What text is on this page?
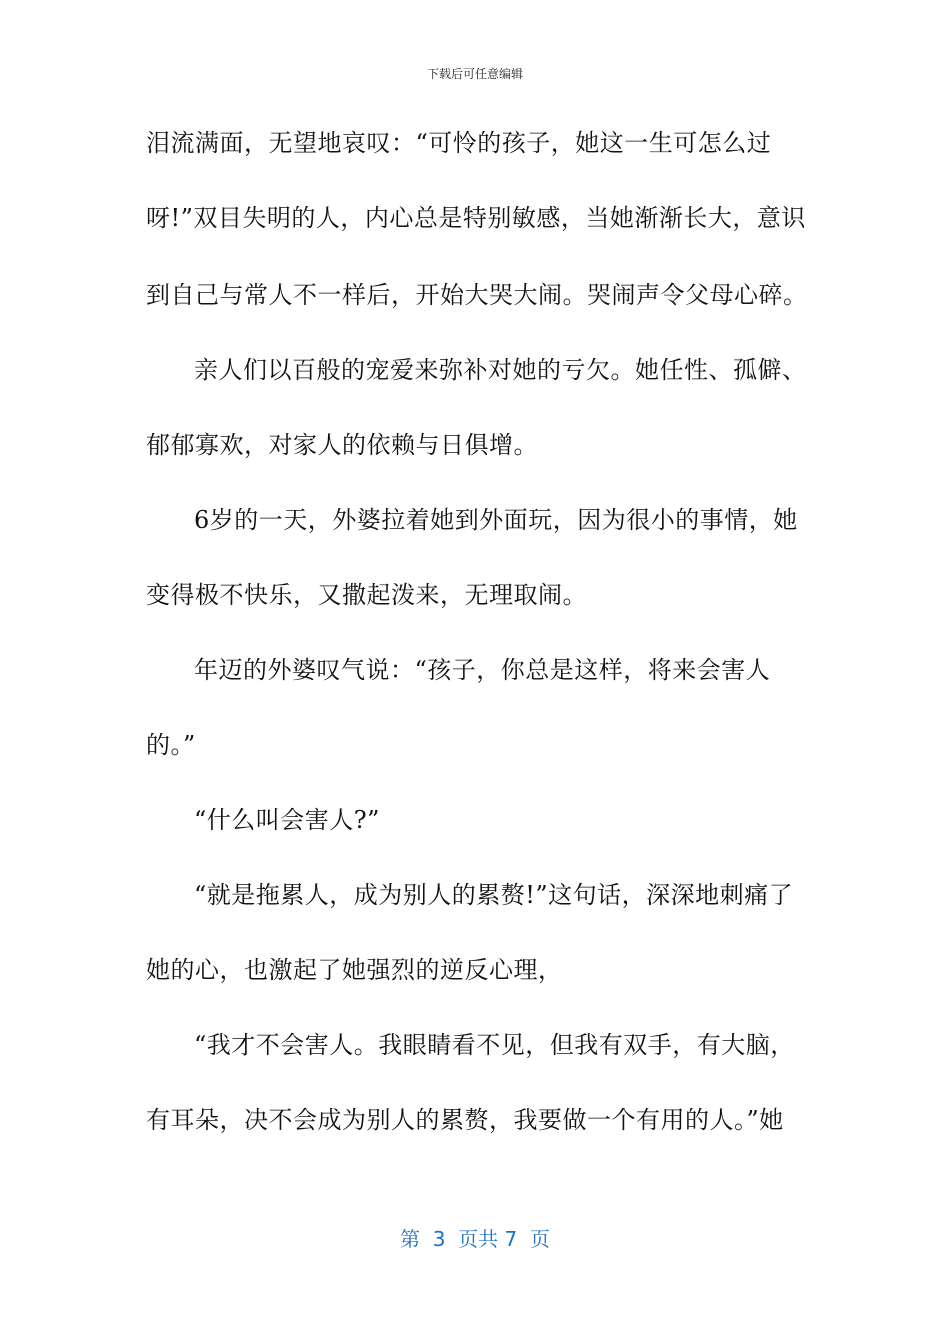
下载后可任意编辑
泪流满面，无望地哀叹：“可怜的孩子，她这一生可怎么过
呀!”双目失明的人，内心总是特别敏感，当她渐渐长大，意识
到自己与常人不一样后，开始大哭大闹。哭闹声令父母心碎。
亲人们以百般的宠爱来弥补对她的亏欠。她任性、孤僻、
郁郁寡欢，对家人的依赖与日俱增。
6岁的一天，外婆拉着她到外面玩，因为很小的事情，她
变得极不快乐，又撒起泼来，无理取闹。
年迈的外婆叹气说：“孩子，你总是这样，将来会害人
的。”
“什么叫会害人?”
“就是拖累人，成为别人的累赘!”这句话，深深地刺痛了
她的心，也激起了她强烈的逆反心理，
“我才不会害人。我眼睛看不见，但我有双手，有大脑，
有耳朵，决不会成为别人的累赘，我要做一个有用的人。”她
第  3  页共 7  页
